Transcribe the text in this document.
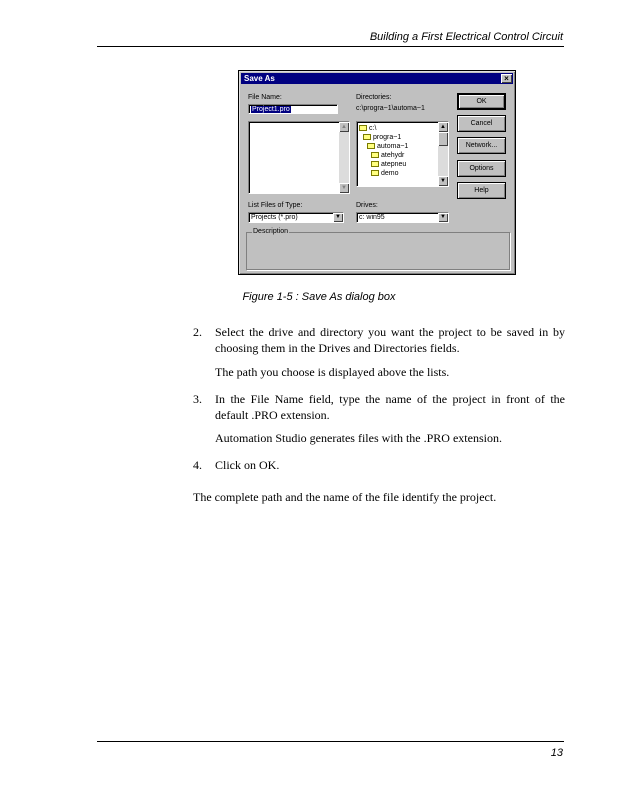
Building a First Electrical Control Circuit
Save As	×
File Name:
Project1.pro
▲
▼
Directories:
c:\progra~1\automa~1
c:\
progra~1
automa~1
atehydr
atepneu
demo
▲
▼
List Files of Type:
Projects (*.pro)	▼
Drives:
c: win95	▼
OK
Cancel
Network...
Options
Help
Description
Figure 1-5 : Save As dialog box
2. Select the drive and directory you want the project to be saved in by choosing them in the Drives and Directories fields.
The path you choose is displayed above the lists.
3. In the File Name field, type the name of the project in front of the default .PRO extension.
Automation Studio generates files with the .PRO extension.
4. Click on OK.
The complete path and the name of the file identify the project.
13
